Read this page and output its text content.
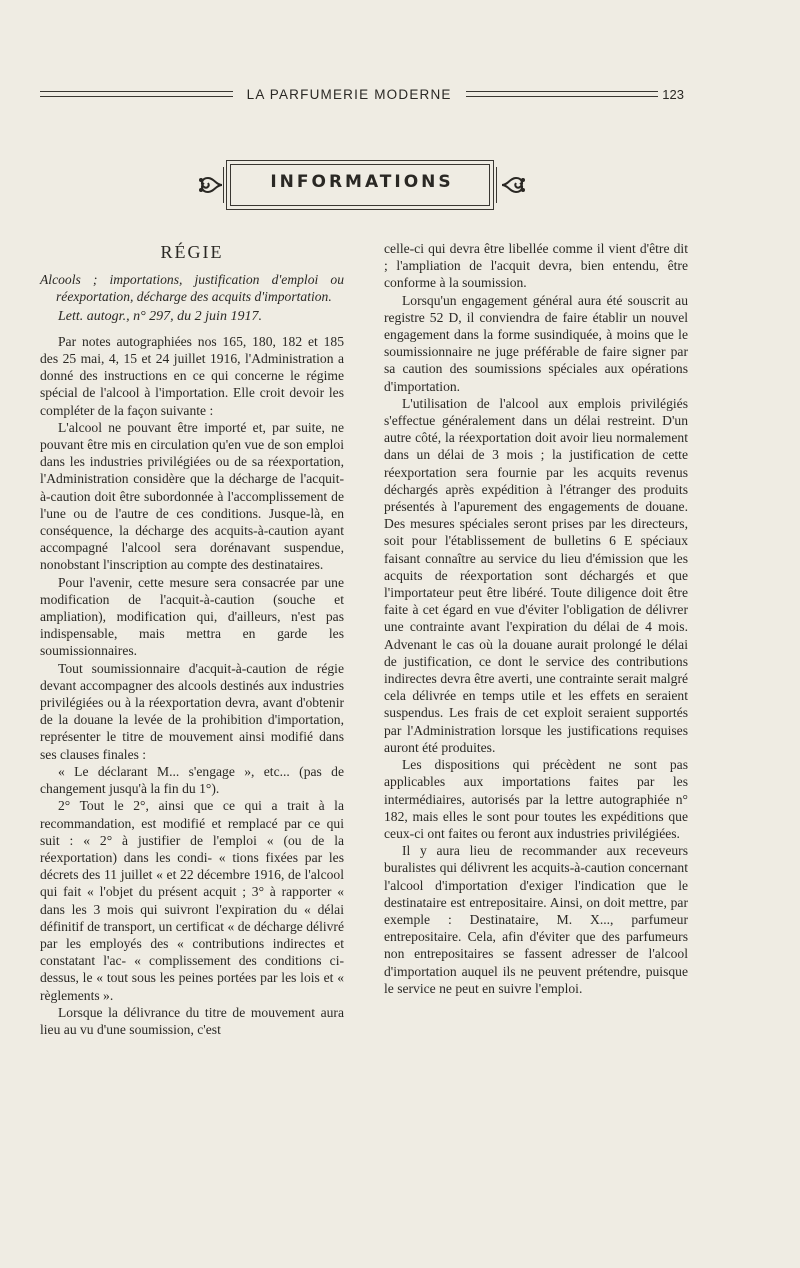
LA PARFUMERIE MODERNE	123
INFORMATIONS

RÉGIE

Alcools ; importations, justification d'emploi ou réexportation, décharge des acquits d'importation.

Lett. autogr., n° 297, du 2 juin 1917.

Par notes autographiées nos 165, 180, 182 et 185 des 25 mai, 4, 15 et 24 juillet 1916, l'Administration a donné des instructions en ce qui concerne le régime spécial de l'alcool à l'importation. Elle croit devoir les compléter de la façon suivante :

L'alcool ne pouvant être importé et, par suite, ne pouvant être mis en circulation qu'en vue de son emploi dans les industries privilégiées ou de sa réexportation, l'Administration considère que la décharge de l'acquit-à-caution doit être subordonnée à l'accomplissement de l'une ou de l'autre de ces conditions. Jusque-là, en conséquence, la décharge des acquits-à-caution ayant accompagné l'alcool sera dorénavant suspendue, nonobstant l'inscription au compte des destinataires.

Pour l'avenir, cette mesure sera consacrée par une modification de l'acquit-à-caution (souche et ampliation), modification qui, d'ailleurs, n'est pas indispensable, mais mettra en garde les soumissionnaires.

Tout soumissionnaire d'acquit-à-caution de régie devant accompagner des alcools destinés aux industries privilégiées ou à la réexportation devra, avant d'obtenir de la douane la levée de la prohibition d'importation, représenter le titre de mouvement ainsi modifié dans ses clauses finales :

« Le déclarant M... s'engage », etc... (pas de changement jusqu'à la fin du 1°).

2° Tout le 2°, ainsi que ce qui a trait à la recommandation, est modifié et remplacé par ce qui suit : « 2° à justifier de l'emploi « (ou de la réexportation) dans les condi- « tions fixées par les décrets des 11 juillet « et 22 décembre 1916, de l'alcool qui fait « l'objet du présent acquit ; 3° à rapporter « dans les 3 mois qui suivront l'expiration du « délai définitif de transport, un certificat « de décharge délivré par les employés des « contributions indirectes et constatant l'ac- « complissement des conditions ci-dessus, le « tout sous les peines portées par les lois et « règlements ».

Lorsque la délivrance du titre de mouvement aura lieu au vu d'une soumission, c'est

celle-ci qui devra être libellée comme il vient d'être dit ; l'ampliation de l'acquit devra, bien entendu, être conforme à la soumission.

Lorsqu'un engagement général aura été souscrit au registre 52 D, il conviendra de faire établir un nouvel engagement dans la forme susindiquée, à moins que le soumissionnaire ne juge préférable de faire signer par sa caution des soumissions spéciales aux opérations d'importation.

L'utilisation de l'alcool aux emplois privilégiés s'effectue généralement dans un délai restreint. D'un autre côté, la réexportation doit avoir lieu normalement dans un délai de 3 mois ; la justification de cette réexportation sera fournie par les acquits revenus déchargés après expédition à l'étranger des produits présentés à l'apurement des engagements de douane. Des mesures spéciales seront prises par les directeurs, soit pour l'établissement de bulletins 6 E spéciaux faisant connaître au service du lieu d'émission que les acquits de réexportation sont déchargés et que l'importateur peut être libéré. Toute diligence doit être faite à cet égard en vue d'éviter l'obligation de délivrer une contrainte avant l'expiration du délai de 4 mois. Advenant le cas où la douane aurait prolongé le délai de justification, ce dont le service des contributions indirectes devra être averti, une contrainte serait malgré cela délivrée en temps utile et les effets en seraient suspendus. Les frais de cet exploit seraient supportés par l'Administration lorsque les justifications requises auront été produites.

Les dispositions qui précèdent ne sont pas applicables aux importations faites par les intermédiaires, autorisés par la lettre autographiée n° 182, mais elles le sont pour toutes les expéditions que ceux-ci ont faites ou feront aux industries privilégiées.

Il y aura lieu de recommander aux receveurs buralistes qui délivrent les acquits-à-caution concernant l'alcool d'importation d'exiger l'indication que le destinataire est entrepositaire. Ainsi, on doit mettre, par exemple : Destinataire, M. X..., parfumeur entrepositaire. Cela, afin d'éviter que des parfumeurs non entrepositaires se fassent adresser de l'alcool d'importation auquel ils ne peuvent prétendre, puisque le service ne peut en suivre l'emploi.
